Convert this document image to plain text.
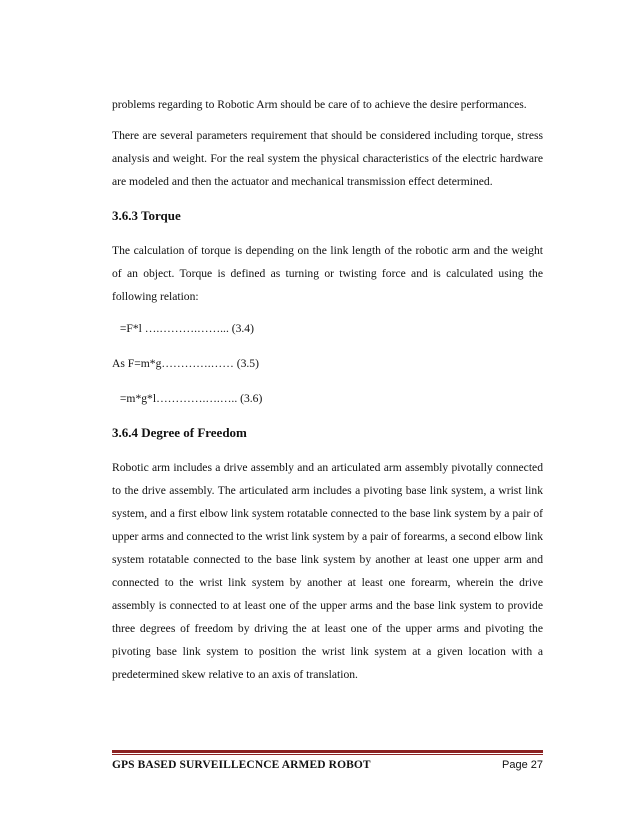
problems regarding to Robotic Arm should be care of to achieve the desire performances.

There are several parameters requirement that should be considered including torque, stress analysis and weight. For the real system the physical characteristics of the electric hardware are modeled and then the actuator and mechanical transmission effect determined.

3.6.3 Torque

The calculation of torque is depending on the link length of the robotic arm and the weight of an object. Torque is defined as turning or twisting force and is calculated using the following relation:

=F*l ….……….……... (3.4)

As F=m*g………….…… (3.5)

=m*g*l………….….….. (3.6)

3.6.4 Degree of Freedom

Robotic arm includes a drive assembly and an articulated arm assembly pivotally connected to the drive assembly. The articulated arm includes a pivoting base link system, a wrist link system, and a first elbow link system rotatable connected to the base link system by a pair of upper arms and connected to the wrist link system by a pair of forearms, a second elbow link system rotatable connected to the base link system by another at least one upper arm and connected to the wrist link system by another at least one forearm, wherein the drive assembly is connected to at least one of the upper arms and the base link system to provide three degrees of freedom by driving the at least one of the upper arms and pivoting the pivoting base link system to position the wrist link system at a given location with a predetermined skew relative to an axis of translation.

GPS BASED SURVEILLECNCE ARMED ROBOT	Page 27
